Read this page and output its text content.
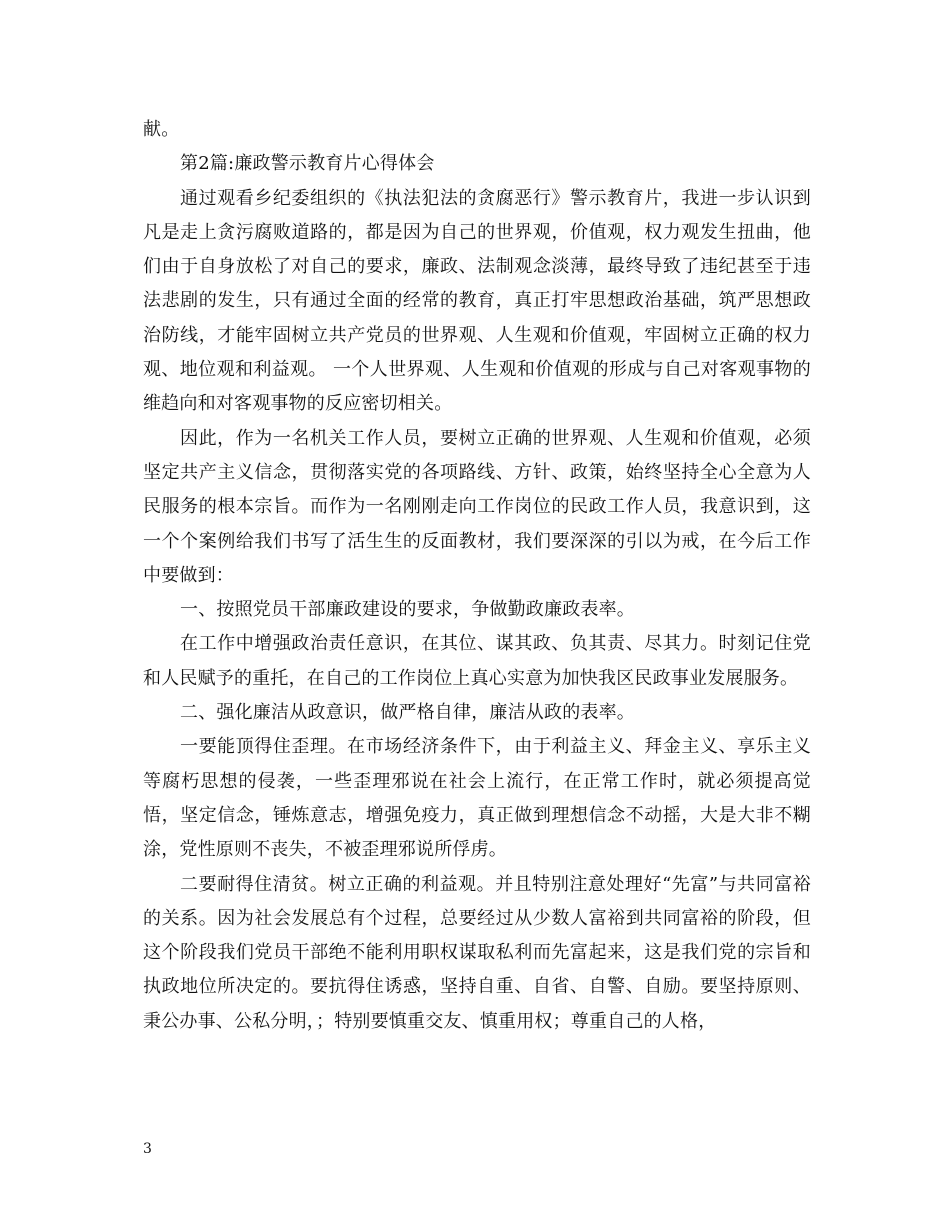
献。

第2篇:廉政警示教育片心得体会

通过观看乡纪委组织的《执法犯法的贪腐恶行》警示教育片，我进一步认识到凡是走上贪污腐败道路的，都是因为自己的世界观，价值观，权力观发生扭曲，他们由于自身放松了对自己的要求，廉政、法制观念淡薄，最终导致了违纪甚至于违法悲剧的发生，只有通过全面的经常的教育，真正打牢思想政治基础，筑严思想政治防线，才能牢固树立共产党员的世界观、人生观和价值观，牢固树立正确的权力观、地位观和利益观。 一个人世界观、人生观和价值观的形成与自己对客观事物的维趋向和对客观事物的反应密切相关。

因此，作为一名机关工作人员，要树立正确的世界观、人生观和价值观，必须坚定共产主义信念，贯彻落实党的各项路线、方针、政策，始终坚持全心全意为人民服务的根本宗旨。而作为一名刚刚走向工作岗位的民政工作人员，我意识到，这一个个案例给我们书写了活生生的反面教材，我们要深深的引以为戒，在今后工作中要做到：

一、按照党员干部廉政建设的要求，争做勤政廉政表率。

在工作中增强政治责任意识，在其位、谋其政、负其责、尽其力。时刻记住党和人民赋予的重托，在自己的工作岗位上真心实意为加快我区民政事业发展服务。

二、强化廉洁从政意识，做严格自律，廉洁从政的表率。

一要能顶得住歪理。在市场经济条件下，由于利益主义、拜金主义、享乐主义等腐朽思想的侵袭，一些歪理邪说在社会上流行，在正常工作时，就必须提高觉悟，坚定信念，锤炼意志，增强免疫力，真正做到理想信念不动摇，大是大非不糊涂，党性原则不丧失，不被歪理邪说所俘虏。

二要耐得住清贫。树立正确的利益观。并且特别注意处理好“先富”与共同富裕的关系。因为社会发展总有个过程，总要经过从少数人富裕到共同富裕的阶段，但这个阶段我们党员干部绝不能利用职权谋取私利而先富起来，这是我们党的宗旨和执政地位所决定的。要抗得住诱惑，坚持自重、自省、自警、自励。要坚持原则、秉公办事、公私分明，；特别要慎重交友、慎重用权；尊重自己的人格，

3
